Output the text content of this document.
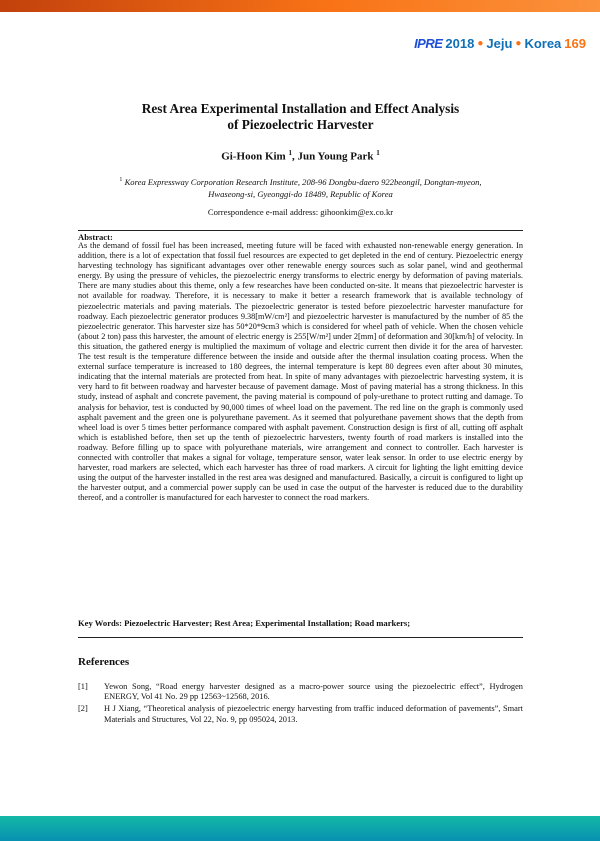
IPRE 2018 ● Jeju ● Korea 169
Rest Area Experimental Installation and Effect Analysis
of Piezoelectric Harvester
Gi-Hoon Kim $^1$, Jun Young Park $^1$
$^1$ Korea Expressway Corporation Research Institute, 208-96 Dongbu-daero 922beongil, Dongtan-myeon,
Hwaseong-si, Gyeonggi-do 18489, Republic of Korea
Correspondence e-mail address: gihoonkim@ex.co.kr
Abstract:

As the demand of fossil fuel has been increased, meeting future will be faced with exhausted non-renewable energy generation. In addition, there is a lot of expectation that fossil fuel resources are expected to get depleted in the end of century. Piezoelectric energy harvesting technology has significant advantages over other renewable energy sources such as solar panel, wind and geothermal energy. By using the pressure of vehicles, the piezoelectric energy transforms to electric energy by deformation of paving materials. There are many studies about this theme, only a few researches have been conducted on-site. It means that piezoelectric harvester is not available for roadway. Therefore, it is necessary to make it better a research framework that is available technology of piezoelectric materials and paving materials. The piezoelectric generator is tested before piezoelectric harvester manufacture for roadway. Each piezoelectric generator produces 9.38[mW/cm²] and piezoelectric harvester is manufactured by the number of 85 the piezoelectric generator. This harvester size has 50*20*9cm3 which is considered for wheel path of vehicle. When the chosen vehicle (about 2 ton) pass this harvester, the amount of electric energy is 255[W/m²] under 2[mm] of deformation and 30[km/h] of velocity. In this situation, the gathered energy is multiplied the maximum of voltage and electric current then divide it for the area of harvester. The test result is the temperature difference between the inside and outside after the thermal insulation coating process. When the external surface temperature is increased to 180 degrees, the internal temperature is kept 80 degrees even after about 30 minutes, indicating that the internal materials are protected from heat. In spite of many advantages with piezoelectric harvesting system, it is very hard to fit between roadway and harvester because of pavement damage. Most of paving material has a strong thickness. In this study, instead of asphalt and concrete pavement, the paving material is compound of poly-urethane to protect rutting and damage. To analysis for behavior, test is conducted by 90,000 times of wheel load on the pavement. The red line on the graph is commonly used asphalt pavement and the green one is polyurethane pavement. As it seemed that polyurethane pavement shows that the depth from wheel load is over 5 times better performance compared with asphalt pavement. Construction design is first of all, cutting off asphalt which is established before, then set up the tenth of piezoelectric harvesters, twenty fourth of road markers is installed into the roadway. Before filling up to space with polyurethane materials, wire arrangement and connect to controller. Each harvester is connected with controller that makes a signal for voltage, temperature sensor, water leak sensor. In order to use electric energy by harvester, road markers are selected, which each harvester has three of road markers. A circuit for lighting the light emitting device using the output of the harvester installed in the rest area was designed and manufactured. Basically, a circuit is configured to light up the harvester output, and a commercial power supply can be used in case the output of the harvester is reduced due to the durability thereof, and a controller is manufactured for each harvester to connect the road markers.

Key Words: Piezoelectric Harvester; Rest Area; Experimental Installation; Road markers;
References
[1] Yewon Song, “Road energy harvester designed as a macro-power source using the piezoelectric effect”, Hydrogen ENERGY, Vol 41 No. 29 pp 12563~12568, 2016.
[2] H J Xiang, “Theoretical analysis of piezoelectric energy harvesting from traffic induced deformation of pavements”, Smart Materials and Structures, Vol 22, No. 9, pp 095024, 2013.
